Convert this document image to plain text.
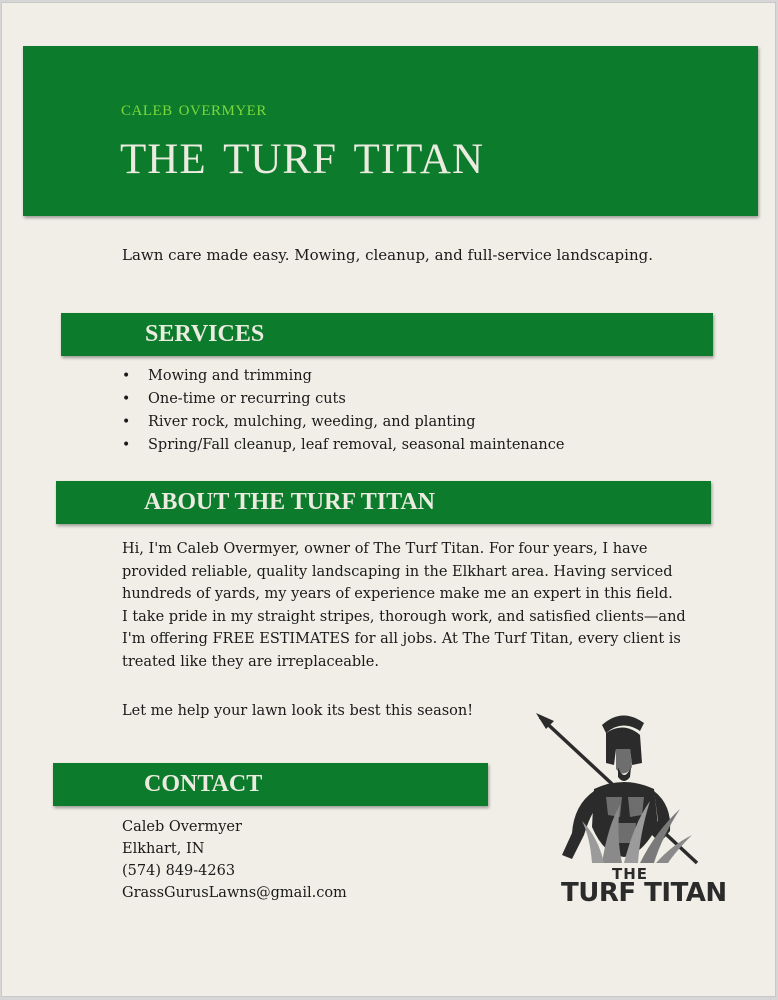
caleb overmyer
the turf titan
Lawn care made easy. Mowing, cleanup, and full-service landscaping.
SERVICES
• Mowing and trimming
• One-time or recurring cuts
• River rock, mulching, weeding, and planting
• Spring/Fall cleanup, leaf removal, seasonal maintenance
ABOUT THE TURF TITAN
Hi, I'm Caleb Overmyer, owner of The Turf Titan. For four years, I have
provided reliable, quality landscaping in the Elkhart area. Having serviced
hundreds of yards, my years of experience make me an expert in this field.
I take pride in my straight stripes, thorough work, and satisfied clients—and
I'm offering FREE ESTIMATES for all jobs. At The Turf Titan, every client is
treated like they are irreplaceable.
Let me help your lawn look its best this season!
CONTACT
Caleb Overmyer
Elkhart, IN
(574) 849-4263
GrassGurusLawns@gmail.com
THE
TURF TITAN
